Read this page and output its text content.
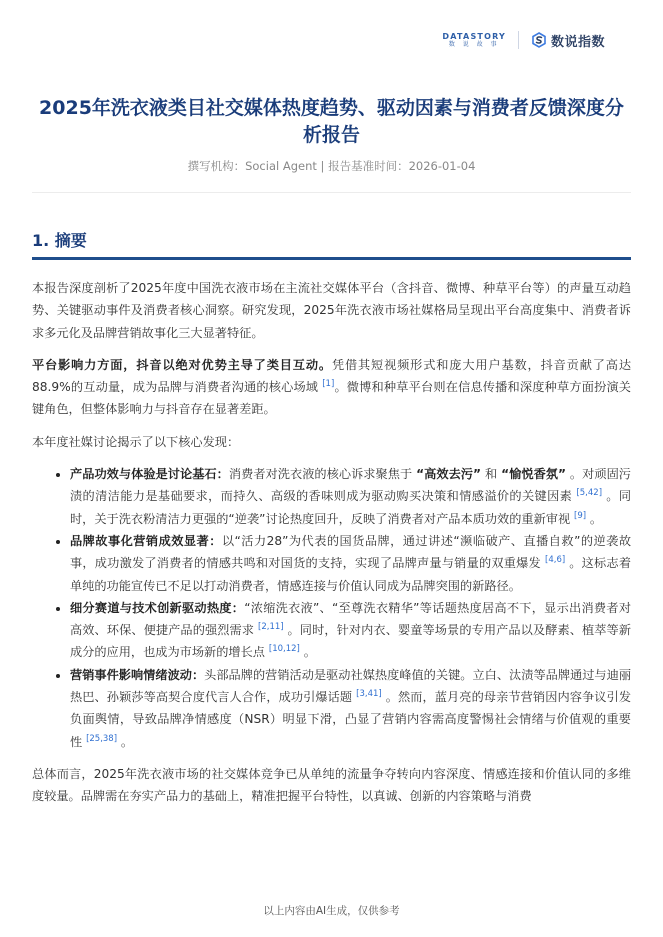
DATASTORY
数 说 故 事	数说指数
2025年洗衣液类目社交媒体热度趋势、驱动因素与消费者反馈深度分析报告
撰写机构：Social Agent | 报告基准时间：2026-01-04
1. 摘要

本报告深度剖析了2025年度中国洗衣液市场在主流社交媒体平台（含抖音、微博、种草平台等）的声量互动趋势、关键驱动事件及消费者核心洞察。研究发现，2025年洗衣液市场社媒格局呈现出平台高度集中、消费者诉求多元化及品牌营销故事化三大显著特征。

平台影响力方面，抖音以绝对优势主导了类目互动。凭借其短视频形式和庞大用户基数，抖音贡献了高达88.9%的互动量，成为品牌与消费者沟通的核心场域 [1]。微博和种草平台则在信息传播和深度种草方面扮演关键角色，但整体影响力与抖音存在显著差距。

本年度社媒讨论揭示了以下核心发现：

• 产品功效与体验是讨论基石：消费者对洗衣液的核心诉求聚焦于 “高效去污” 和 “愉悦香氛” 。对顽固污渍的清洁能力是基础要求，而持久、高级的香味则成为驱动购买决策和情感溢价的关键因素 [5,42] 。同时，关于洗衣粉清洁力更强的“逆袭”讨论热度回升，反映了消费者对产品本质功效的重新审视 [9] 。
• 品牌故事化营销成效显著：以“活力28”为代表的国货品牌，通过讲述“濒临破产、直播自救”的逆袭故事，成功激发了消费者的情感共鸣和对国货的支持，实现了品牌声量与销量的双重爆发 [4,6] 。这标志着单纯的功能宣传已不足以打动消费者，情感连接与价值认同成为品牌突围的新路径。
• 细分赛道与技术创新驱动热度：“浓缩洗衣液”、“至尊洗衣精华”等话题热度居高不下，显示出消费者对高效、环保、便捷产品的强烈需求 [2,11] 。同时，针对内衣、婴童等场景的专用产品以及酵素、植萃等新成分的应用，也成为市场新的增长点 [10,12] 。
• 营销事件影响情绪波动：头部品牌的营销活动是驱动社媒热度峰值的关键。立白、汰渍等品牌通过与迪丽热巴、孙颖莎等高契合度代言人合作，成功引爆话题 [3,41] 。然而，蓝月亮的母亲节营销因内容争议引发负面舆情，导致品牌净情感度（NSR）明显下滑，凸显了营销内容需高度警惕社会情绪与价值观的重要性 [25,38] 。

总体而言，2025年洗衣液市场的社交媒体竞争已从单纯的流量争夺转向内容深度、情感连接和价值认同的多维度较量。品牌需在夯实产品力的基础上，精准把握平台特性，以真诚、创新的内容策略与消费

以上内容由AI生成，仅供参考
